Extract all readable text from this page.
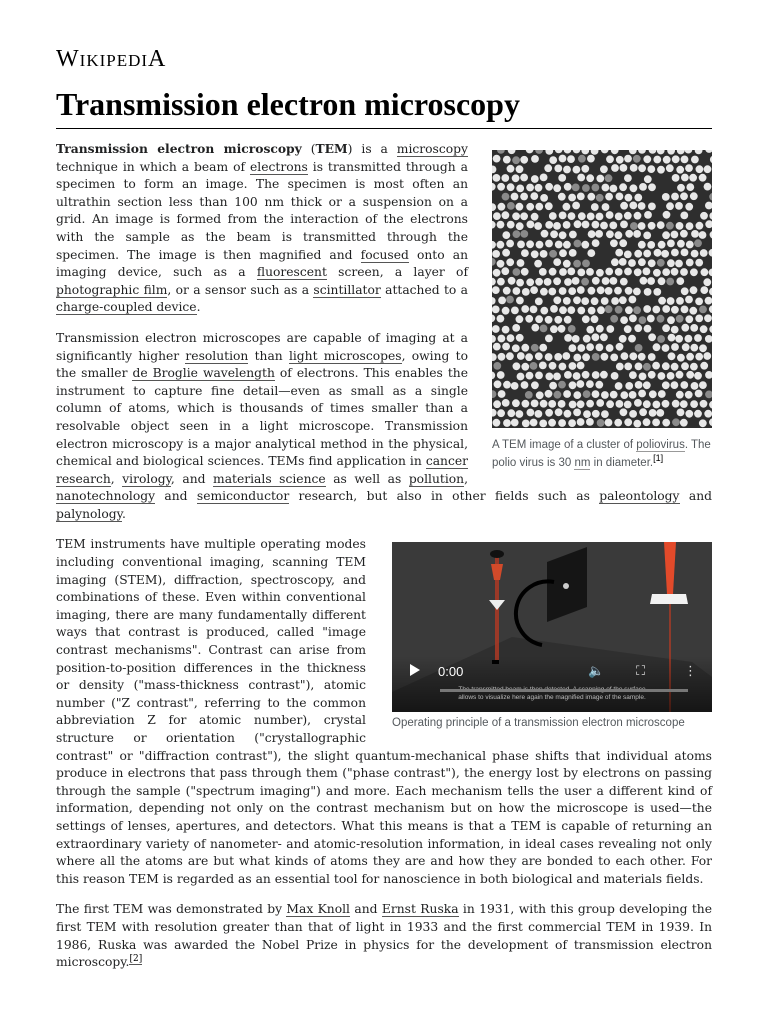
WikipediA
Transmission electron microscopy
A TEM image of a cluster of poliovirus. The polio virus is 30 nm in diameter.[1]

Transmission electron microscopy (TEM) is a microscopy technique in which a beam of electrons is transmitted through a specimen to form an image. The specimen is most often an ultrathin section less than 100 nm thick or a suspension on a grid. An image is formed from the interaction of the electrons with the sample as the beam is transmitted through the specimen. The image is then magnified and focused onto an imaging device, such as a fluorescent screen, a layer of photographic film, or a sensor such as a scintillator attached to a charge-coupled device.

Transmission electron microscopes are capable of imaging at a significantly higher resolution than light microscopes, owing to the smaller de Broglie wavelength of electrons. This enables the instrument to capture fine detail—even as small as a single column of atoms, which is thousands of times smaller than a resolvable object seen in a light microscope. Transmission electron microscopy is a major analytical method in the physical, chemical and biological sciences. TEMs find application in cancer research, virology, and materials science as well as pollution, nanotechnology and semiconductor research, but also in other fields such as paleontology and palynology.

allows to visualize here again the magnified image of the sample.
0:00	🔈 ⛶	⋮
Operating principle of a transmission electron microscope

TEM instruments have multiple operating modes including conventional imaging, scanning TEM imaging (STEM), diffraction, spectroscopy, and combinations of these. Even within conventional imaging, there are many fundamentally different ways that contrast is produced, called "image contrast mechanisms". Contrast can arise from position-to-position differences in the thickness or density ("mass-thickness contrast"), atomic number ("Z contrast", referring to the common abbreviation Z for atomic number), crystal structure or orientation ("crystallographic contrast" or "diffraction contrast"), the slight quantum-mechanical phase shifts that individual atoms produce in electrons that pass through them ("phase contrast"), the energy lost by electrons on passing through the sample ("spectrum imaging") and more. Each mechanism tells the user a different kind of information, depending not only on the contrast mechanism but on how the microscope is used—the settings of lenses, apertures, and detectors. What this means is that a TEM is capable of returning an extraordinary variety of nanometer- and atomic-resolution information, in ideal cases revealing not only where all the atoms are but what kinds of atoms they are and how they are bonded to each other. For this reason TEM is regarded as an essential tool for nanoscience in both biological and materials fields.

The first TEM was demonstrated by Max Knoll and Ernst Ruska in 1931, with this group developing the first TEM with resolution greater than that of light in 1933 and the first commercial TEM in 1939. In 1986, Ruska was awarded the Nobel Prize in physics for the development of transmission electron microscopy.[2]
